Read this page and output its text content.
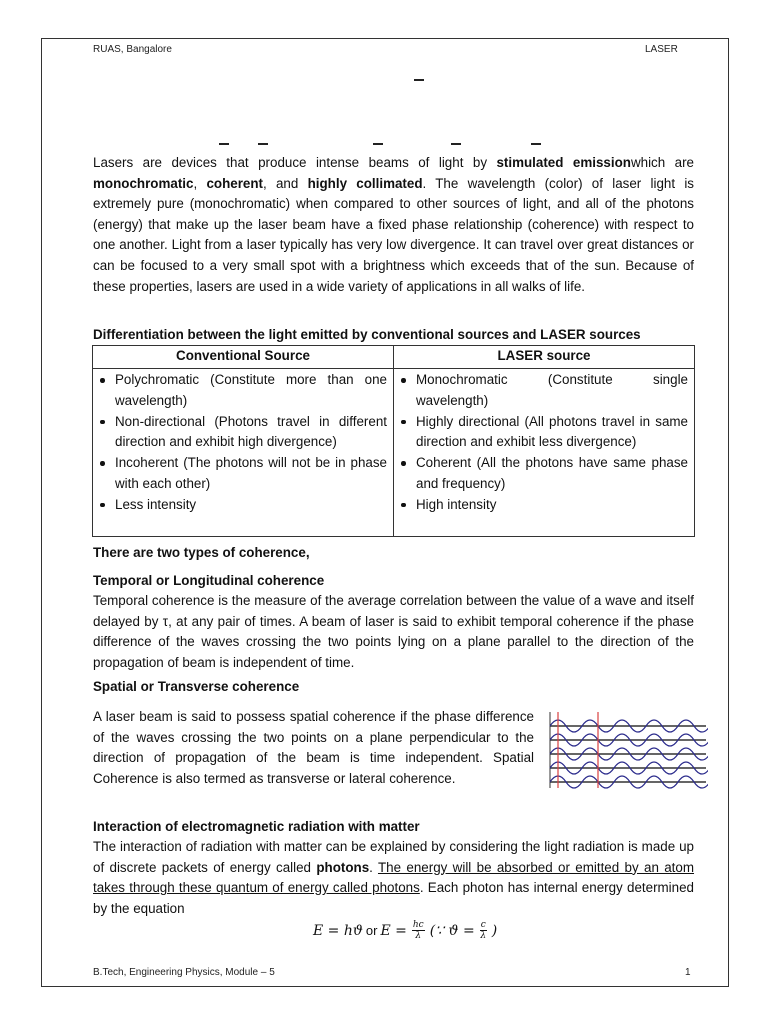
RUAS, Bangalore	LASER

Lasers are devices that produce intense beams of light by stimulated emissionwhich are monochromatic, coherent, and highly collimated. The wavelength (color) of laser light is extremely pure (monochromatic) when compared to other sources of light, and all of the photons (energy) that make up the laser beam have a fixed phase relationship (coherence) with respect to one another. Light from a laser typically has very low divergence. It can travel over great distances or can be focused to a very small spot with a brightness which exceeds that of the sun. Because of these properties, lasers are used in a wide variety of applications in all walks of life.

Differentiation between the light emitted by conventional sources and LASER sources
Conventional Source	LASER source

Polychromatic (Constitute more than one wavelength)
Non-directional (Photons travel in different direction and exhibit high divergence)
Incoherent (The photons will not be in phase with each other)
Less intensity

Monochromatic (Constitute single wavelength)
Highly directional (All photons travel in same direction and exhibit less divergence)
Coherent (All the photons have same phase and frequency)
High intensity
There are two types of coherence,
Temporal or Longitudinal coherence

Temporal coherence is the measure of the average correlation between the value of a wave and itself delayed by τ, at any pair of times. A beam of laser is said to exhibit temporal coherence if the phase difference of the waves crossing the two points lying on a plane parallel to the direction of the propagation of beam is independent of time.

Spatial or Transverse coherence

A laser beam is said to possess spatial coherence if the phase difference of the waves crossing the two points on a plane perpendicular to the direction of propagation of the beam is time independent. Spatial Coherence is also termed as transverse or lateral coherence.

Interaction of electromagnetic radiation with matter

The interaction of radiation with matter can be explained by considering the light radiation is made up of discrete packets of energy called photons. The energy will be absorbed or emitted by an atom takes through these quantum of energy called photons. Each photon has internal energy determined by the equation

E = hϑ or $E = \frac{hc}{\lambda}$ (∵ $ϑ = \frac{c}{\lambda}$ )
B.Tech, Engineering Physics, Module – 5	1
